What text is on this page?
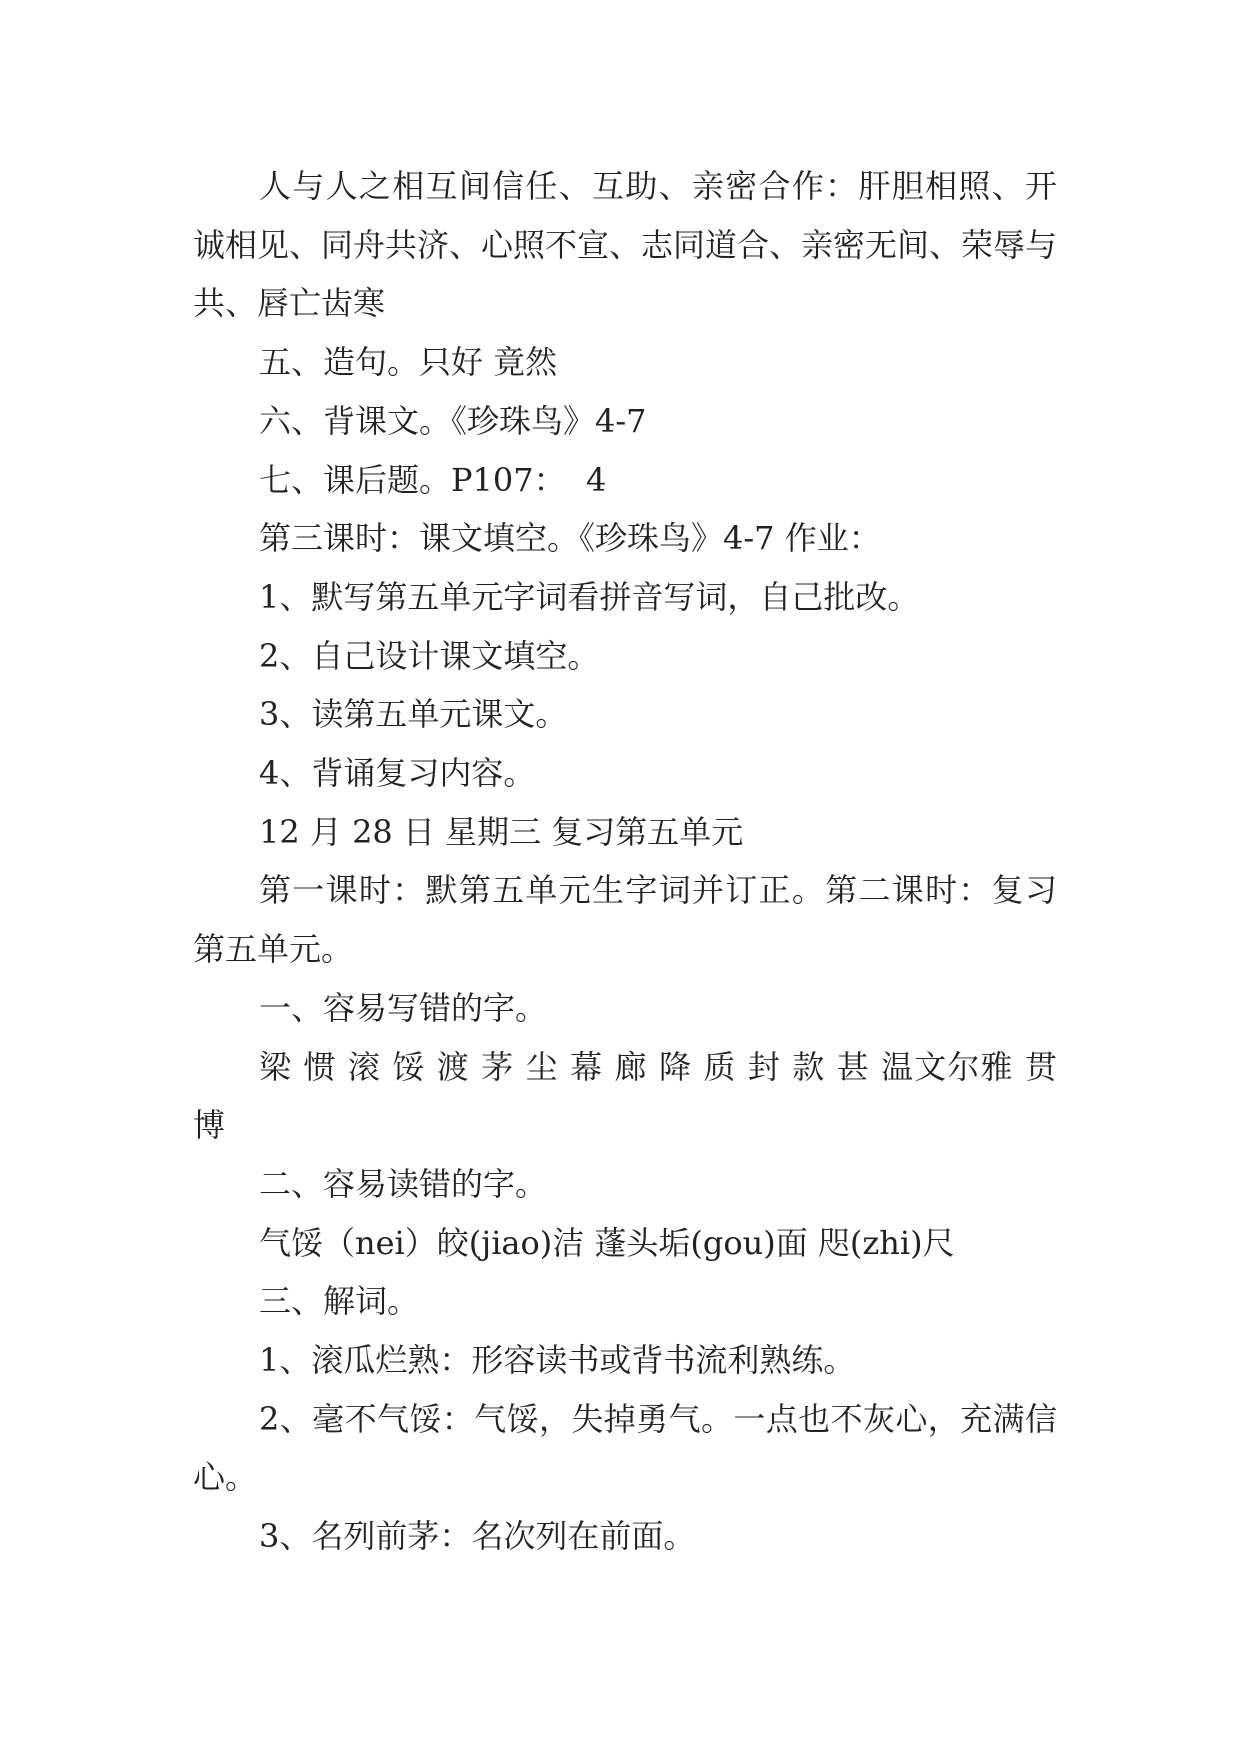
人与人之相互间信任、互助、亲密合作：肝胆相照、开诚相见、同舟共济、心照不宣、志同道合、亲密无间、荣辱与共、唇亡齿寒

五、造句。只好 竟然

六、背课文。《珍珠鸟》4-7

七、课后题。P107：  4

第三课时：课文填空。《珍珠鸟》4-7 作业：

1、默写第五单元字词看拼音写词，自己批改。

2、自己设计课文填空。

3、读第五单元课文。

4、背诵复习内容。

12 月 28 日 星期三 复习第五单元

第一课时：默第五单元生字词并订正。第二课时：复习第五单元。

一、容易写错的字。

梁 惯 滚 馁 渡 茅 尘 幕 廊 降 质 封 款 甚 温文尔雅 贯 博

二、容易读错的字。

气馁（nei）皎(jiao)洁 蓬头垢(gou)面 咫(zhi)尺

三、解词。

1、滚瓜烂熟：形容读书或背书流利熟练。

2、毫不气馁：气馁，失掉勇气。一点也不灰心，充满信心。

3、名列前茅：名次列在前面。
